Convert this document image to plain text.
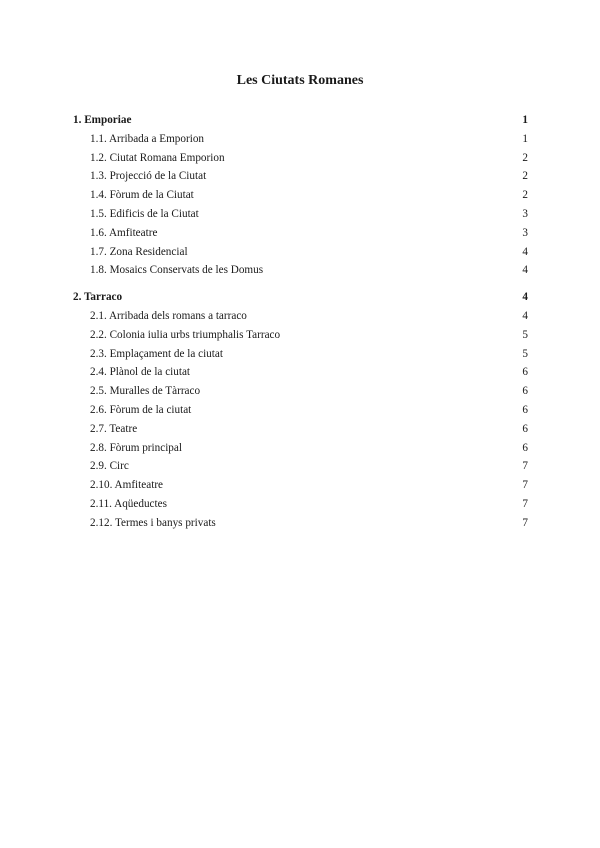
Les Ciutats Romanes
1. Emporiae	1
1.1. Arribada a Emporion	1
1.2. Ciutat Romana Emporion	2
1.3. Projecció de la Ciutat	2
1.4. Fòrum de la Ciutat	2
1.5. Edificis de la Ciutat	3
1.6. Amfiteatre	3
1.7. Zona Residencial	4
1.8. Mosaics Conservats de les Domus	4
2. Tarraco	4
2.1. Arribada dels romans a tarraco	4
2.2. Colonia iulia urbs triumphalis Tarraco	5
2.3. Emplaçament de la ciutat	5
2.4. Plànol de la ciutat	6
2.5. Muralles de Tàrraco	6
2.6. Fòrum de la ciutat	6
2.7. Teatre	6
2.8. Fòrum principal	6
2.9. Circ	7
2.10. Amfiteatre	7
2.11. Aqüeductes	7
2.12. Termes i banys privats	7
